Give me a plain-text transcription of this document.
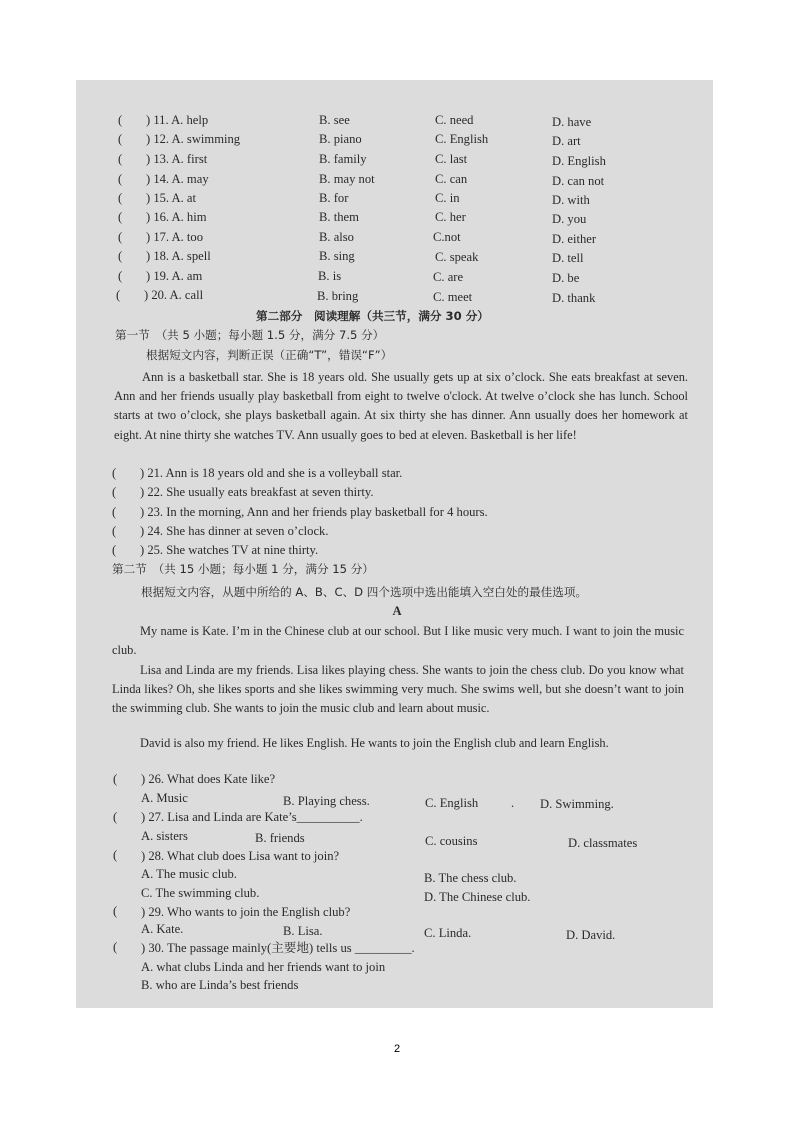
( ) 11. A. help	B. see	C. need	D. have
( ) 12. A. swimming	B. piano	C. English	D. art
( ) 13. A. first	B. family	C. last	D. English
( ) 14. A. may	B. may not	C. can	D. can not
( ) 15. A. at	B. for	C. in	D. with
( ) 16. A. him	B. them	C. her	D. you
( ) 17. A. too	B. also	C.not	D. either
( ) 18. A. spell	B. sing	C. speak	D. tell
( ) 19. A. am	B. is	C. are	D. be
( ) 20. A. call	B. bring	C. meet	D. thank
第二部分　阅读理解（共三节，满分 30 分）
第一节　（共 5 小题；每小题 1.5 分，满分 7.5 分）
根据短文内容，判断正误（正确“T”，错误“F”）
Ann is a basketball star. She is 18 years old. She usually gets up at six o’clock. She eats breakfast at seven. Ann and her friends usually play basketball from eight to twelve o'clock. At twelve o’clock she has lunch. School starts at two o’clock, she plays basketball again. At six thirty she has dinner. Ann usually does her homework at eight. At nine thirty she watches TV. Ann usually goes to bed at eleven. Basketball is her life!
( ) 21. Ann is 18 years old and she is a volleyball star.
( ) 22. She usually eats breakfast at seven thirty.
( ) 23. In the morning, Ann and her friends play basketball for 4 hours.
( ) 24. She has dinner at seven o’clock.
( ) 25. She watches TV at nine thirty.
第二节　（共 15 小题；每小题 1 分，满分 15 分）
根据短文内容，从题中所给的 A、B、C、D 四个选项中选出能填入空白处的最佳选项。
A
My name is Kate. I’m in the Chinese club at our school. But I like music very much. I want to join the music club.
Lisa and Linda are my friends. Lisa likes playing chess. She wants to join the chess club. Do you know what Linda likes? Oh, she likes sports and she likes swimming very much. She swims well, but she doesn’t want to join the swimming club. She wants to join the music club and learn about music.
David is also my friend. He likes English. He wants to join the English club and learn English.
( ) 26. What does Kate like?
A. Music	B. Playing chess.	C. English	. D. Swimming.
( ) 27. Lisa and Linda are Kate’s__________.
A. sisters	B. friends	C. cousins	D. classmates
( ) 28. What club does Lisa want to join?
A. The music club.	B. The chess club.
C. The swimming club.	D. The Chinese club.
( ) 29. Who wants to join the English club?
A. Kate.	B. Lisa.	C. Linda.	D. David.
( ) 30. The passage mainly(主要地) tells us _________.
A. what clubs Linda and her friends want to join
B. who are Linda’s best friends
2
